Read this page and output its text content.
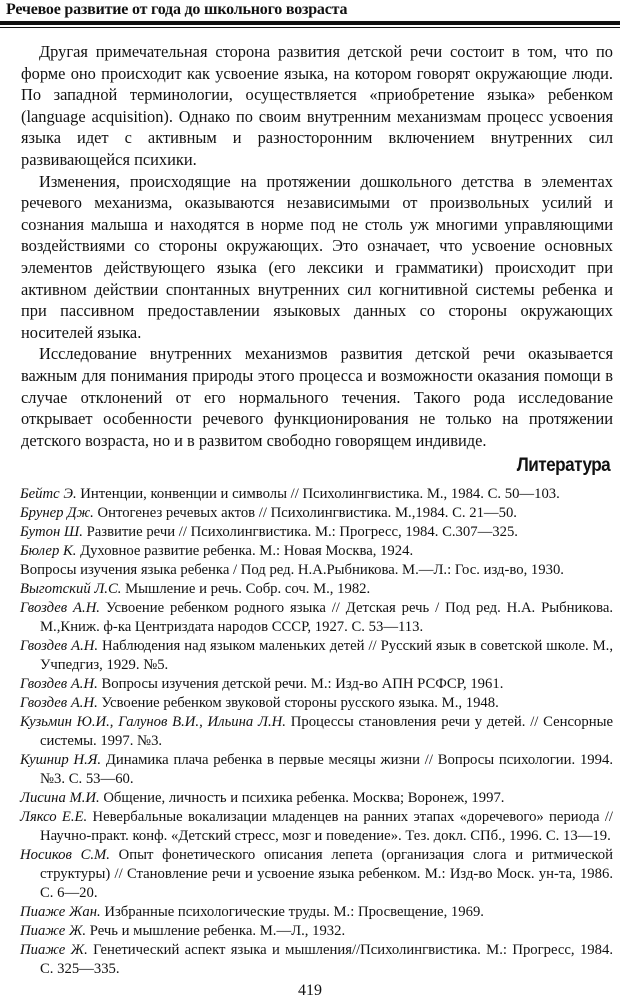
Речевое развитие от года до школьного возраста

Другая примечательная сторона развития детской речи состоит в том, что по форме оно происходит как усвоение языка, на котором говорят окружающие люди. По западной терминологии, осуществляется «приобретение языка» ребенком (language acquisition). Однако по своим внутренним механизмам процесс усвоения языка идет с активным и разносторонним включением внутренних сил развивающейся психики.

Изменения, происходящие на протяжении дошкольного детства в элементах речевого механизма, оказываются независимыми от произвольных усилий и сознания малыша и находятся в норме под не столь уж многими управляющими воздействиями со стороны окружающих. Это означает, что усвоение основных элементов действующего языка (его лексики и грамматики) происходит при активном действии спонтанных внутренних сил когнитивной системы ребенка и при пассивном предоставлении языковых данных со стороны окружающих носителей языка.

Исследование внутренних механизмов развития детской речи оказывается важным для понимания природы этого процесса и возможности оказания помощи в случае отклонений от его нормального течения. Такого рода исследование открывает особенности речевого функционирования не только на протяжении детского возраста, но и в развитом свободно говорящем индивиде.

Литература
Бейтс Э. Интенции, конвенции и символы // Психолингвистика. М., 1984. С. 50—103.
Брунер Дж. Онтогенез речевых актов // Психолингвистика. М.,1984. С. 21—50.
Бутон Ш. Развитие речи // Психолингвистика. М.: Прогресс, 1984. С.307—325.
Бюлер К. Духовное развитие ребенка. М.: Новая Москва, 1924.
Вопросы изучения языка ребенка / Под ред. Н.А.Рыбникова. М.—Л.: Гос. изд-во, 1930.
Выготский Л.С. Мышление и речь. Собр. соч. М., 1982.
Гвоздев А.Н. Усвоение ребенком родного языка // Детская речь / Под ред. Н.А. Рыбникова. М.,Книж. ф-ка Центриздата народов СССР, 1927. С. 53—113.
Гвоздев А.Н. Наблюдения над языком маленьких детей // Русский язык в советской школе. М., Учпедгиз, 1929. №5.
Гвоздев А.Н. Вопросы изучения детской речи. М.: Изд-во АПН РСФСР, 1961.
Гвоздев А.Н. Усвоение ребенком звуковой стороны русского языка. М., 1948.
Кузьмин Ю.И., Галунов В.И., Ильина Л.Н. Процессы становления речи у детей. // Сенсорные системы. 1997. №3.
Кушнир Н.Я. Динамика плача ребенка в первые месяцы жизни // Вопросы психологии. 1994. №3. С. 53—60.
Лисина М.И. Общение, личность и психика ребенка. Москва; Воронеж, 1997.
Ляксо Е.Е. Невербальные вокализации младенцев на ранних этапах «доречевого» периода // Научно-практ. конф. «Детский стресс, мозг и поведение». Тез. докл. СПб., 1996. С. 13—19.
Носиков С.М. Опыт фонетического описания лепета (организация слога и ритмической структуры) // Становление речи и усвоение языка ребенком. М.: Изд-во Моск. ун-та, 1986. С. 6—20.
Пиаже Жан. Избранные психологические труды. М.: Просвещение, 1969.
Пиаже Ж. Речь и мышление ребенка. М.—Л., 1932.
Пиаже Ж. Генетический аспект языка и мышления//Психолингвистика. М.: Прогресс, 1984. С. 325—335.
419
